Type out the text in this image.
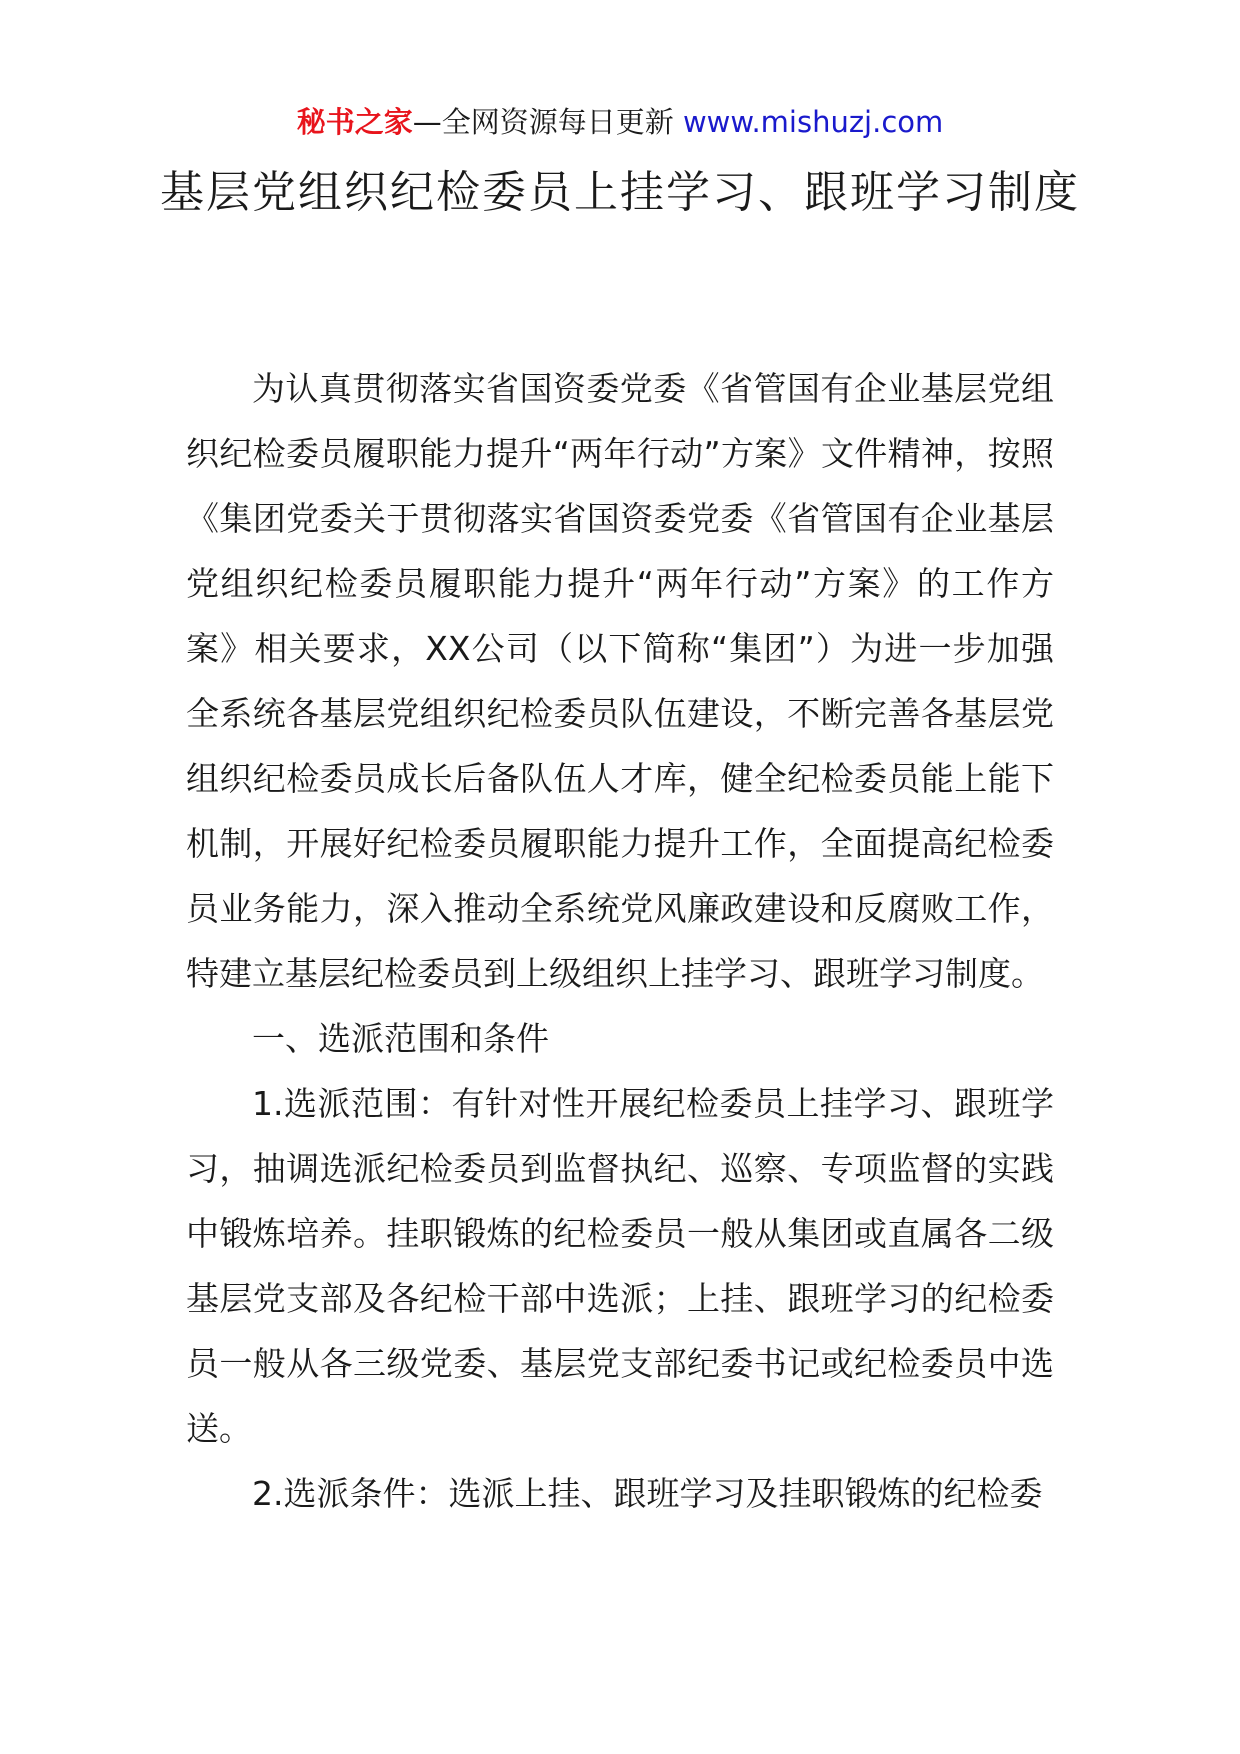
秘书之家—全网资源每日更新 www.mishuzj.com
基层党组织纪检委员上挂学习、跟班学习制度

为认真贯彻落实省国资委党委《省管国有企业基层党组织纪检委员履职能力提升“两年行动”方案》文件精神，按照《集团党委关于贯彻落实省国资委党委《省管国有企业基层党组织纪检委员履职能力提升“两年行动”方案》的工作方案》相关要求，XX公司（以下简称“集团”）为进一步加强全系统各基层党组织纪检委员队伍建设，不断完善各基层党组织纪检委员成长后备队伍人才库，健全纪检委员能上能下机制，开展好纪检委员履职能力提升工作，全面提高纪检委员业务能力，深入推动全系统党风廉政建设和反腐败工作，特建立基层纪检委员到上级组织上挂学习、跟班学习制度。

一、选派范围和条件

1.选派范围：有针对性开展纪检委员上挂学习、跟班学习，抽调选派纪检委员到监督执纪、巡察、专项监督的实践中锻炼培养。挂职锻炼的纪检委员一般从集团或直属各二级基层党支部及各纪检干部中选派；上挂、跟班学习的纪检委员一般从各三级党委、基层党支部纪委书记或纪检委员中选送。

2.选派条件：选派上挂、跟班学习及挂职锻炼的纪检委
